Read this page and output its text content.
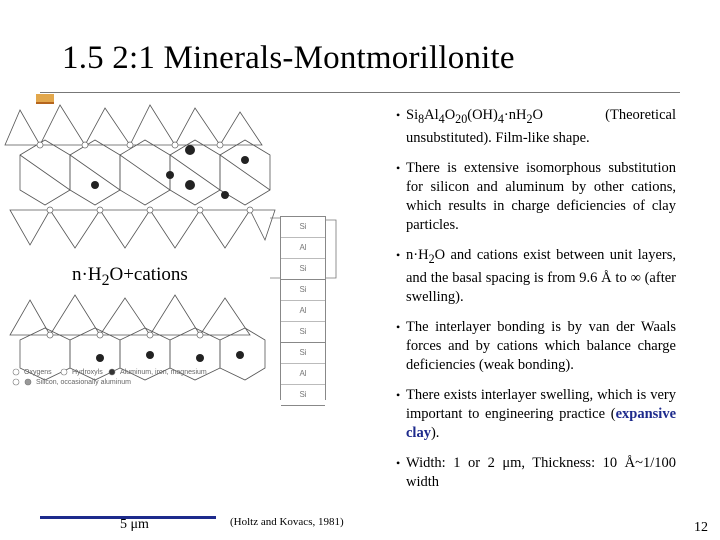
1.5 2:1 Minerals-Montmorillonite
Si
Al
Si
Si
Al
Si
Si
Al
Si
Oxygens	Hydroxyls Aluminum, iron, magnesium
Silicon, occasionally aluminum
$n\cdot H_2O+cations$
• $Si_8Al_4O_{20}(OH)_4\cdot nH_2O$ (Theoretical unsubstituted). Film-like shape.
• There is extensive isomorphous substitution for silicon and aluminum by other cations, which results in charge deficiencies of clay particles.
• $n\cdot H_2O$ and cations exist between unit layers, and the basal spacing is from 9.6 Å to ∞ (after swelling).
• The interlayer bonding is by van der Waals forces and by cations which balance charge deficiencies (weak bonding).
• There exists interlayer swelling, which is very important to engineering practice (expansive clay).
• Width: 1 or 2 μm, Thickness: 10 Å~1/100 width
5 μm	(Holtz and Kovacs, 1981)	12
